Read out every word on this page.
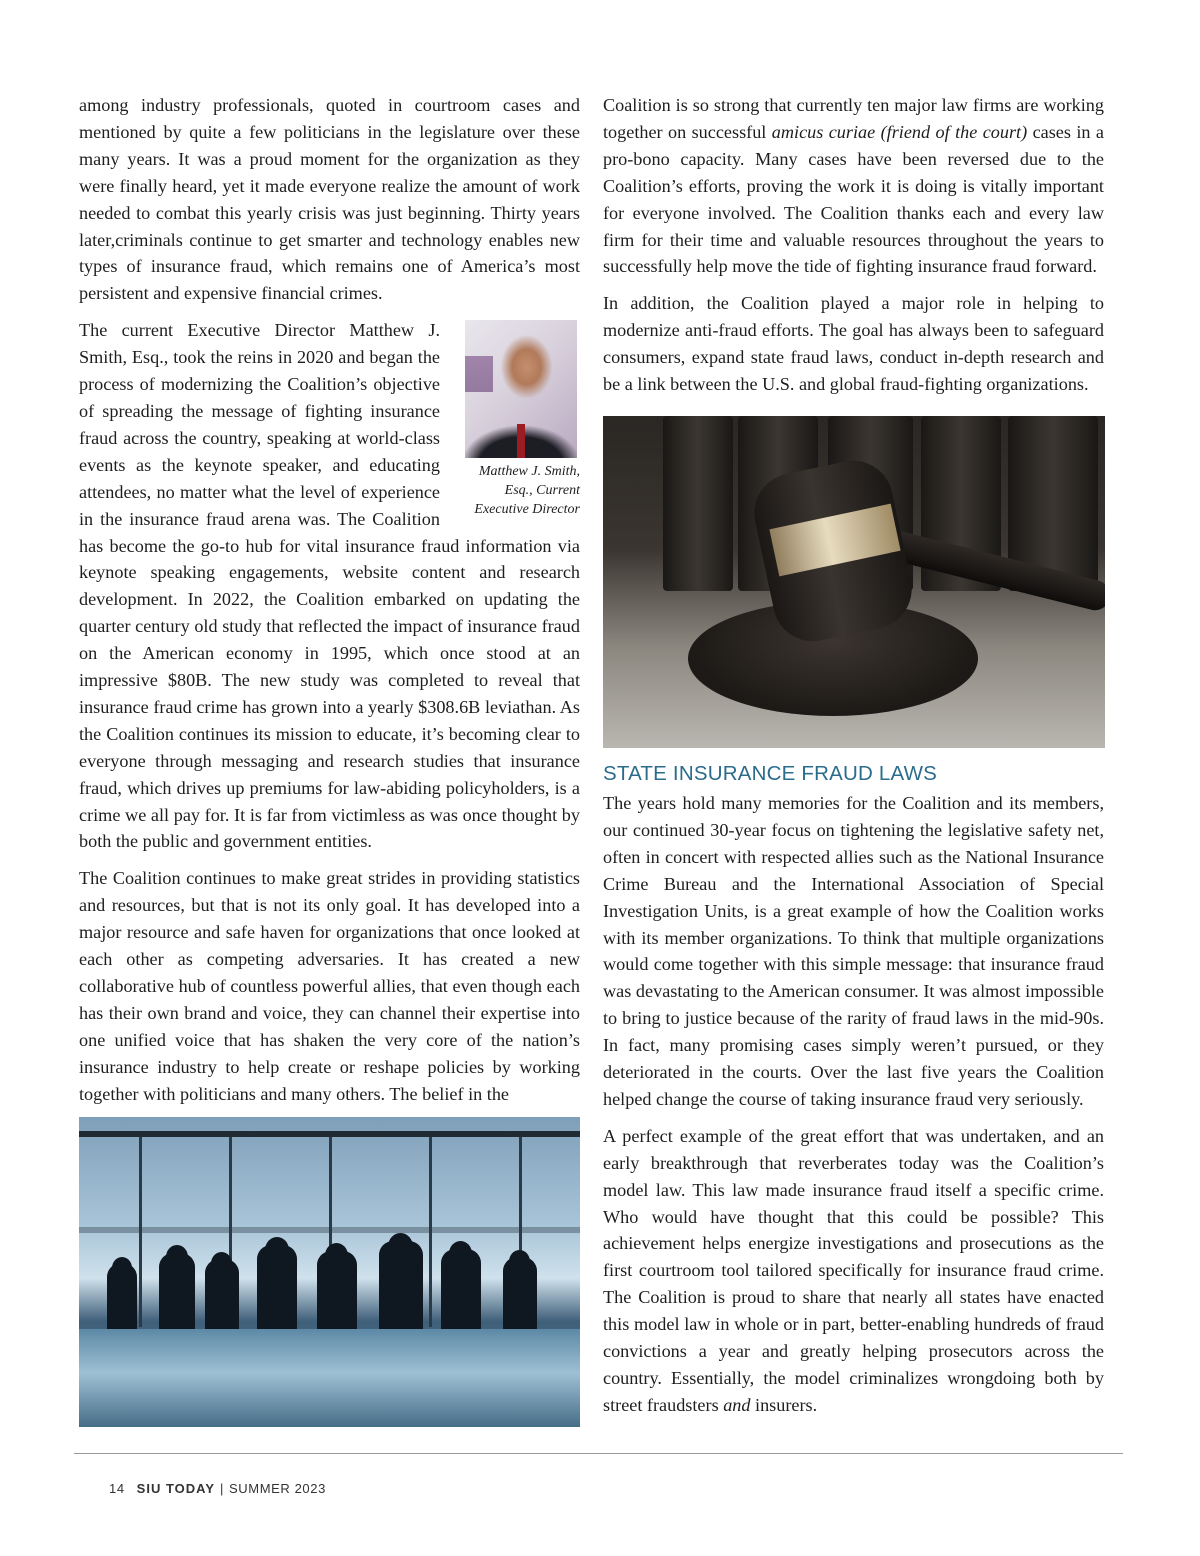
among industry professionals, quoted in courtroom cases and mentioned by quite a few politicians in the legislature over these many years. It was a proud moment for the organization as they were finally heard, yet it made everyone realize the amount of work needed to combat this yearly crisis was just beginning. Thirty years later,criminals continue to get smarter and technology enables new types of insurance fraud, which remains one of America’s most persistent and expensive financial crimes.

Matthew J. Smith, Esq., Current Executive Director
The current Executive Director Matthew J. Smith, Esq., took the reins in 2020 and began the process of modernizing the Coalition’s objective of spreading the message of fighting insurance fraud across the country, speaking at world-class events as the keynote speaker, and educating attendees, no matter what the level of experience in the insurance fraud arena was. The Coalition has become the go-to hub for vital insurance fraud information via keynote speaking engagements, website content and research development. In 2022, the Coalition embarked on updating the quarter century old study that reflected the impact of insurance fraud on the American economy in 1995, which once stood at an impressive $80B. The new study was completed to reveal that insurance fraud crime has grown into a yearly $308.6B leviathan. As the Coalition continues its mission to educate, it’s becoming clear to everyone through messaging and research studies that insurance fraud, which drives up premiums for law-abiding policyholders, is a crime we all pay for. It is far from victimless as was once thought by both the public and government entities.

The Coalition continues to make great strides in providing statistics and resources, but that is not its only goal. It has developed into a major resource and safe haven for organizations that once looked at each other as competing adversaries. It has created a new collaborative hub of countless powerful allies, that even though each has their own brand and voice, they can channel their expertise into one unified voice that has shaken the very core of the nation’s insurance industry to help create or reshape policies by working together with politicians and many others. The belief in the

Coalition is so strong that currently ten major law firms are working together on successful amicus curiae (friend of the court) cases in a pro-bono capacity. Many cases have been reversed due to the Coalition’s efforts, proving the work it is doing is vitally important for everyone involved. The Coalition thanks each and every law firm for their time and valuable resources throughout the years to successfully help move the tide of fighting insurance fraud forward.

In addition, the Coalition played a major role in helping to modernize anti-fraud efforts. The goal has always been to safeguard consumers, expand state fraud laws, conduct in-depth research and be a link between the U.S. and global fraud-fighting organizations.

STATE INSURANCE FRAUD LAWS

The years hold many memories for the Coalition and its members, our continued 30-year focus on tightening the legislative safety net, often in concert with respected allies such as the National Insurance Crime Bureau and the International Association of Special Investigation Units, is a great example of how the Coalition works with its member organizations. To think that multiple organizations would come together with this simple message: that insurance fraud was devastating to the American consumer. It was almost impossible to bring to justice because of the rarity of fraud laws in the mid-90s. In fact, many promising cases simply weren’t pursued, or they deteriorated in the courts. Over the last five years the Coalition helped change the course of taking insurance fraud very seriously.

A perfect example of the great effort that was undertaken, and an early breakthrough that reverberates today was the Coalition’s model law. This law made insurance fraud itself a specific crime. Who would have thought that this could be possible? This achievement helps energize investigations and prosecutions as the first courtroom tool tailored specifically for insurance fraud crime. The Coalition is proud to share that nearly all states have enacted this model law in whole or in part, better-enabling hundreds of fraud convictions a year and greatly helping prosecutors across the country. Essentially, the model criminalizes wrongdoing both by street fraudsters and insurers.

14 SIU TODAY | SUMMER 2023
